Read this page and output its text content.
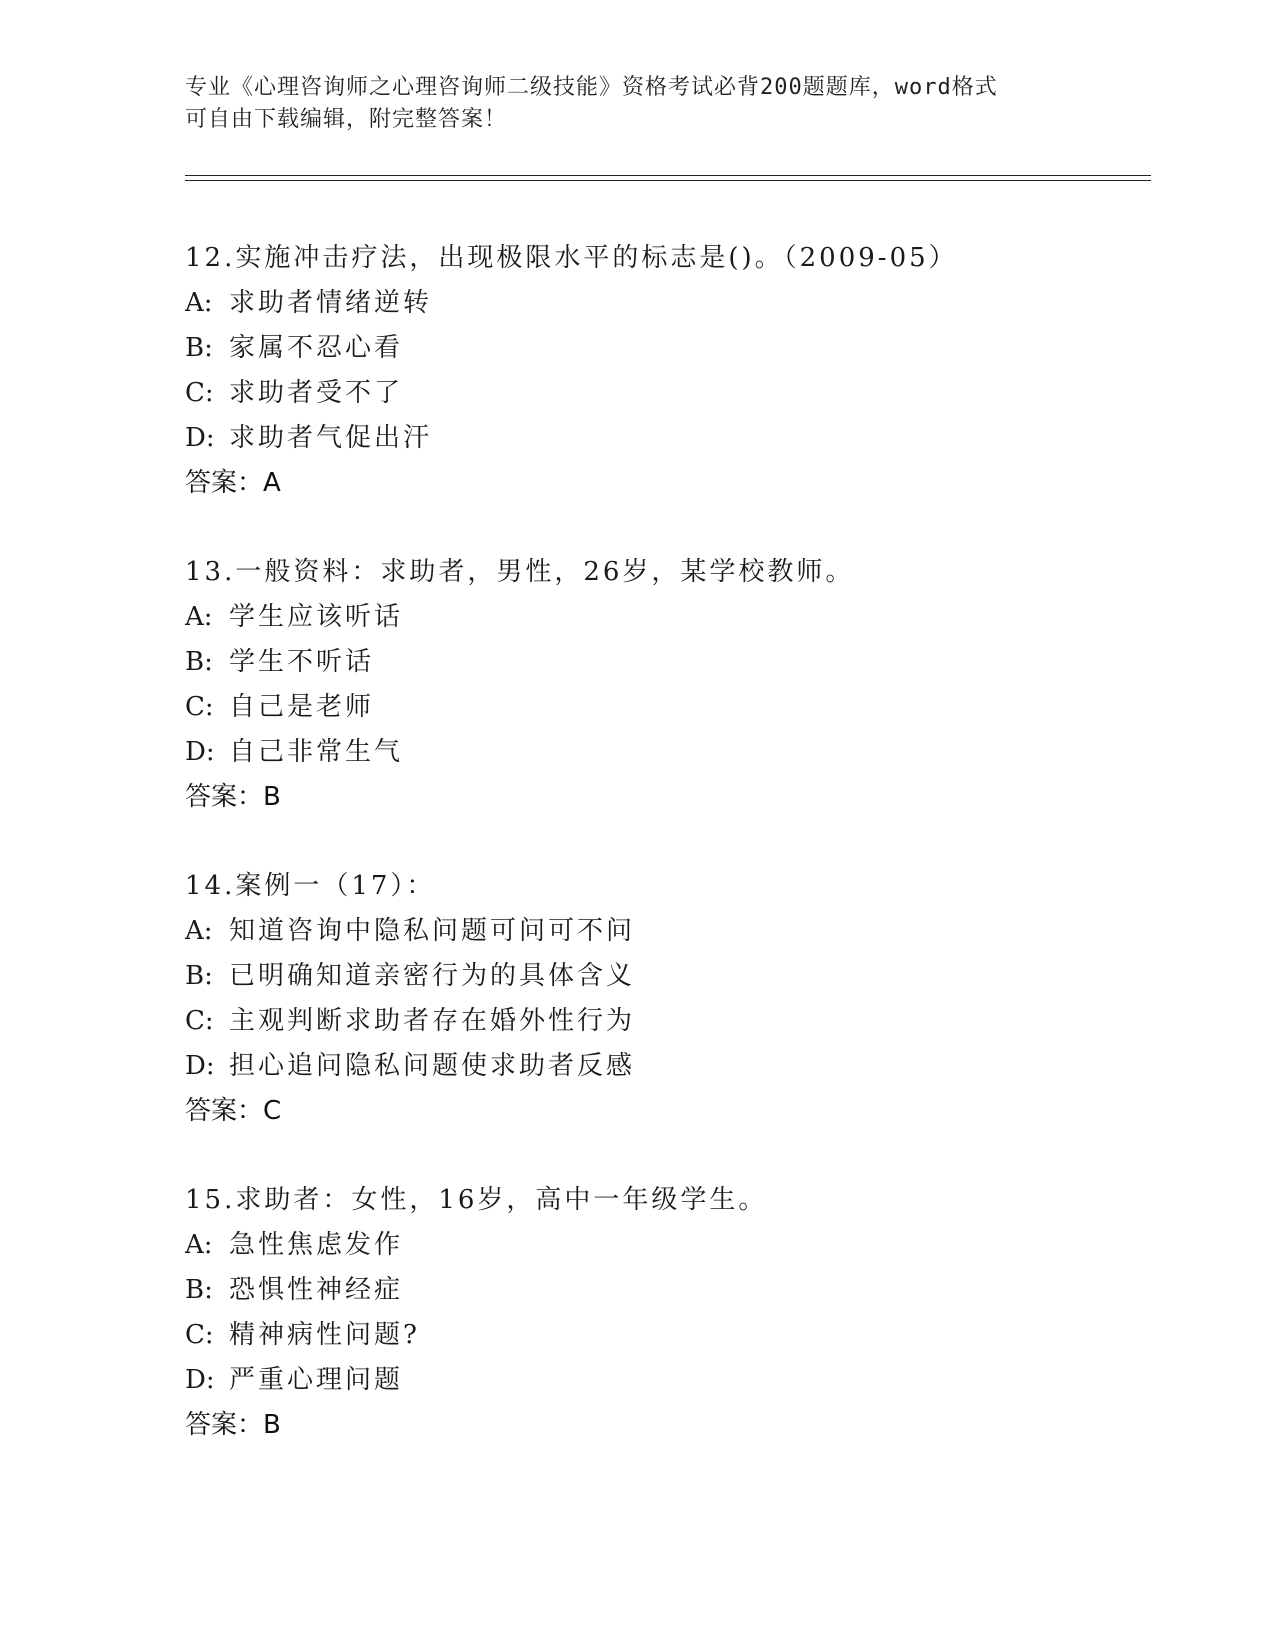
专业《心理咨询师之心理咨询师二级技能》资格考试必背200题题库，word格式
可自由下载编辑，附完整答案！
12.实施冲击疗法，出现极限水平的标志是()。（2009-05）
A: 求助者情绪逆转
B: 家属不忍心看
C: 求助者受不了
D: 求助者气促出汗
答案：A
13.一般资料：求助者，男性，26岁，某学校教师。
A: 学生应该听话
B: 学生不听话
C: 自己是老师
D: 自己非常生气
答案：B
14.案例一（17）：
A: 知道咨询中隐私问题可问可不问
B: 已明确知道亲密行为的具体含义
C: 主观判断求助者存在婚外性行为
D: 担心追问隐私问题使求助者反感
答案：C
15.求助者：女性，16岁，高中一年级学生。
A: 急性焦虑发作
B: 恐惧性神经症
C: 精神病性问题?
D: 严重心理问题
答案：B
